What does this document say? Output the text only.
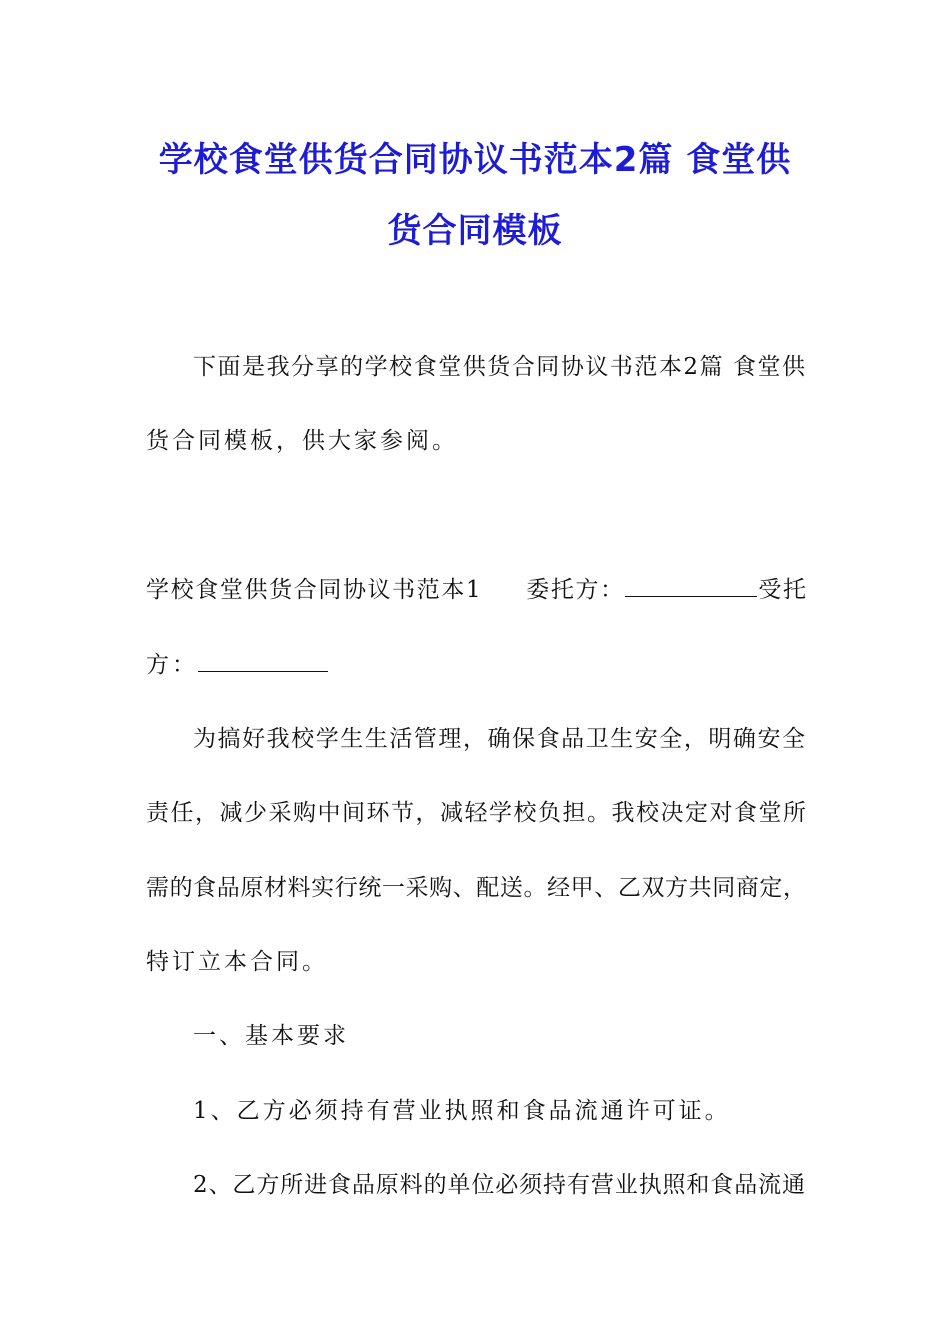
学校食堂供货合同协议书范本2篇 食堂供
货合同模板
下面是我分享的学校食堂供货合同协议书范本2篇 食堂供
货合同模板，供大家参阅。
学校食堂供货合同协议书范本1 委托方：	受托
方：
为搞好我校学生生活管理，确保食品卫生安全，明确安全
责任，减少采购中间环节，减轻学校负担。我校决定对食堂所
需的食品原材料实行统一采购、配送。经甲、乙双方共同商定，
特订立本合同。
一、基本要求
1、乙方必须持有营业执照和食品流通许可证。
2、乙方所进食品原料的单位必须持有营业执照和食品流通
